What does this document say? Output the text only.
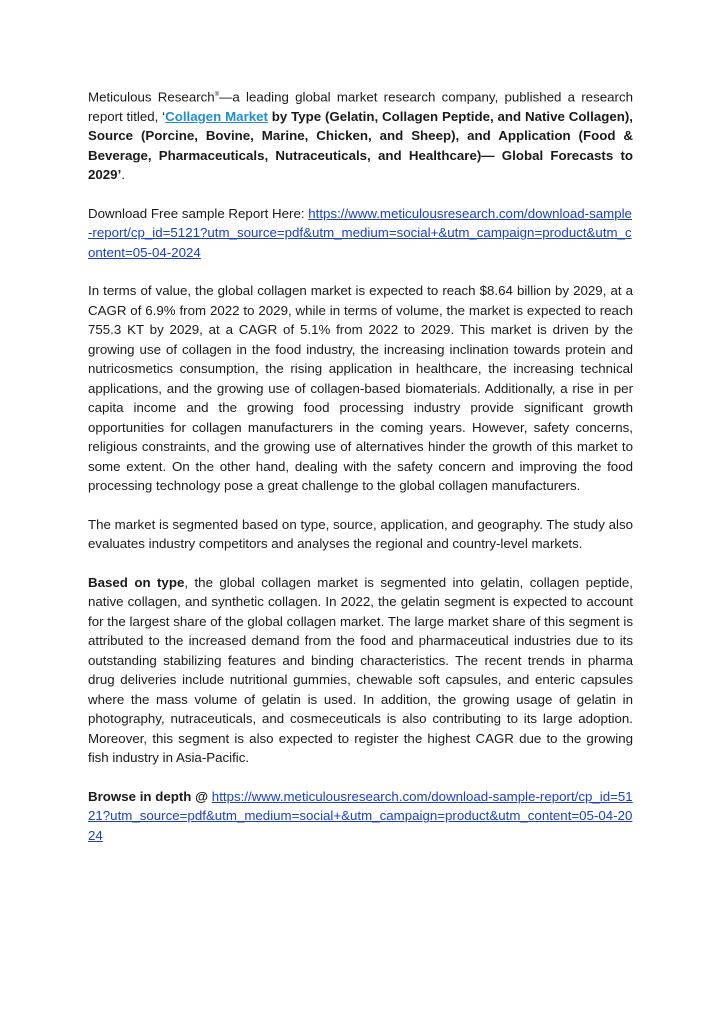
Meticulous Research®—a leading global market research company, published a research report titled, ‘Collagen Market by Type (Gelatin, Collagen Peptide, and Native Collagen), Source (Porcine, Bovine, Marine, Chicken, and Sheep), and Application (Food & Beverage, Pharmaceuticals, Nutraceuticals, and Healthcare)— Global Forecasts to 2029’.

Download Free sample Report Here: https://www.meticulousresearch.com/download-sample-report/cp_id=5121?utm_source=pdf&utm_medium=social+&utm_campaign=product&utm_content=05-04-2024

In terms of value, the global collagen market is expected to reach $8.64 billion by 2029, at a CAGR of 6.9% from 2022 to 2029, while in terms of volume, the market is expected to reach 755.3 KT by 2029, at a CAGR of 5.1% from 2022 to 2029. This market is driven by the growing use of collagen in the food industry, the increasing inclination towards protein and nutricosmetics consumption, the rising application in healthcare, the increasing technical applications, and the growing use of collagen-based biomaterials. Additionally, a rise in per capita income and the growing food processing industry provide significant growth opportunities for collagen manufacturers in the coming years. However, safety concerns, religious constraints, and the growing use of alternatives hinder the growth of this market to some extent. On the other hand, dealing with the safety concern and improving the food processing technology pose a great challenge to the global collagen manufacturers.

The market is segmented based on type, source, application, and geography. The study also evaluates industry competitors and analyses the regional and country-level markets.

Based on type, the global collagen market is segmented into gelatin, collagen peptide, native collagen, and synthetic collagen. In 2022, the gelatin segment is expected to account for the largest share of the global collagen market. The large market share of this segment is attributed to the increased demand from the food and pharmaceutical industries due to its outstanding stabilizing features and binding characteristics. The recent trends in pharma drug deliveries include nutritional gummies, chewable soft capsules, and enteric capsules where the mass volume of gelatin is used. In addition, the growing usage of gelatin in photography, nutraceuticals, and cosmeceuticals is also contributing to its large adoption. Moreover, this segment is also expected to register the highest CAGR due to the growing fish industry in Asia-Pacific.

Browse in depth @ https://www.meticulousresearch.com/download-sample-report/cp_id=5121?utm_source=pdf&utm_medium=social+&utm_campaign=product&utm_content=05-04-2024
